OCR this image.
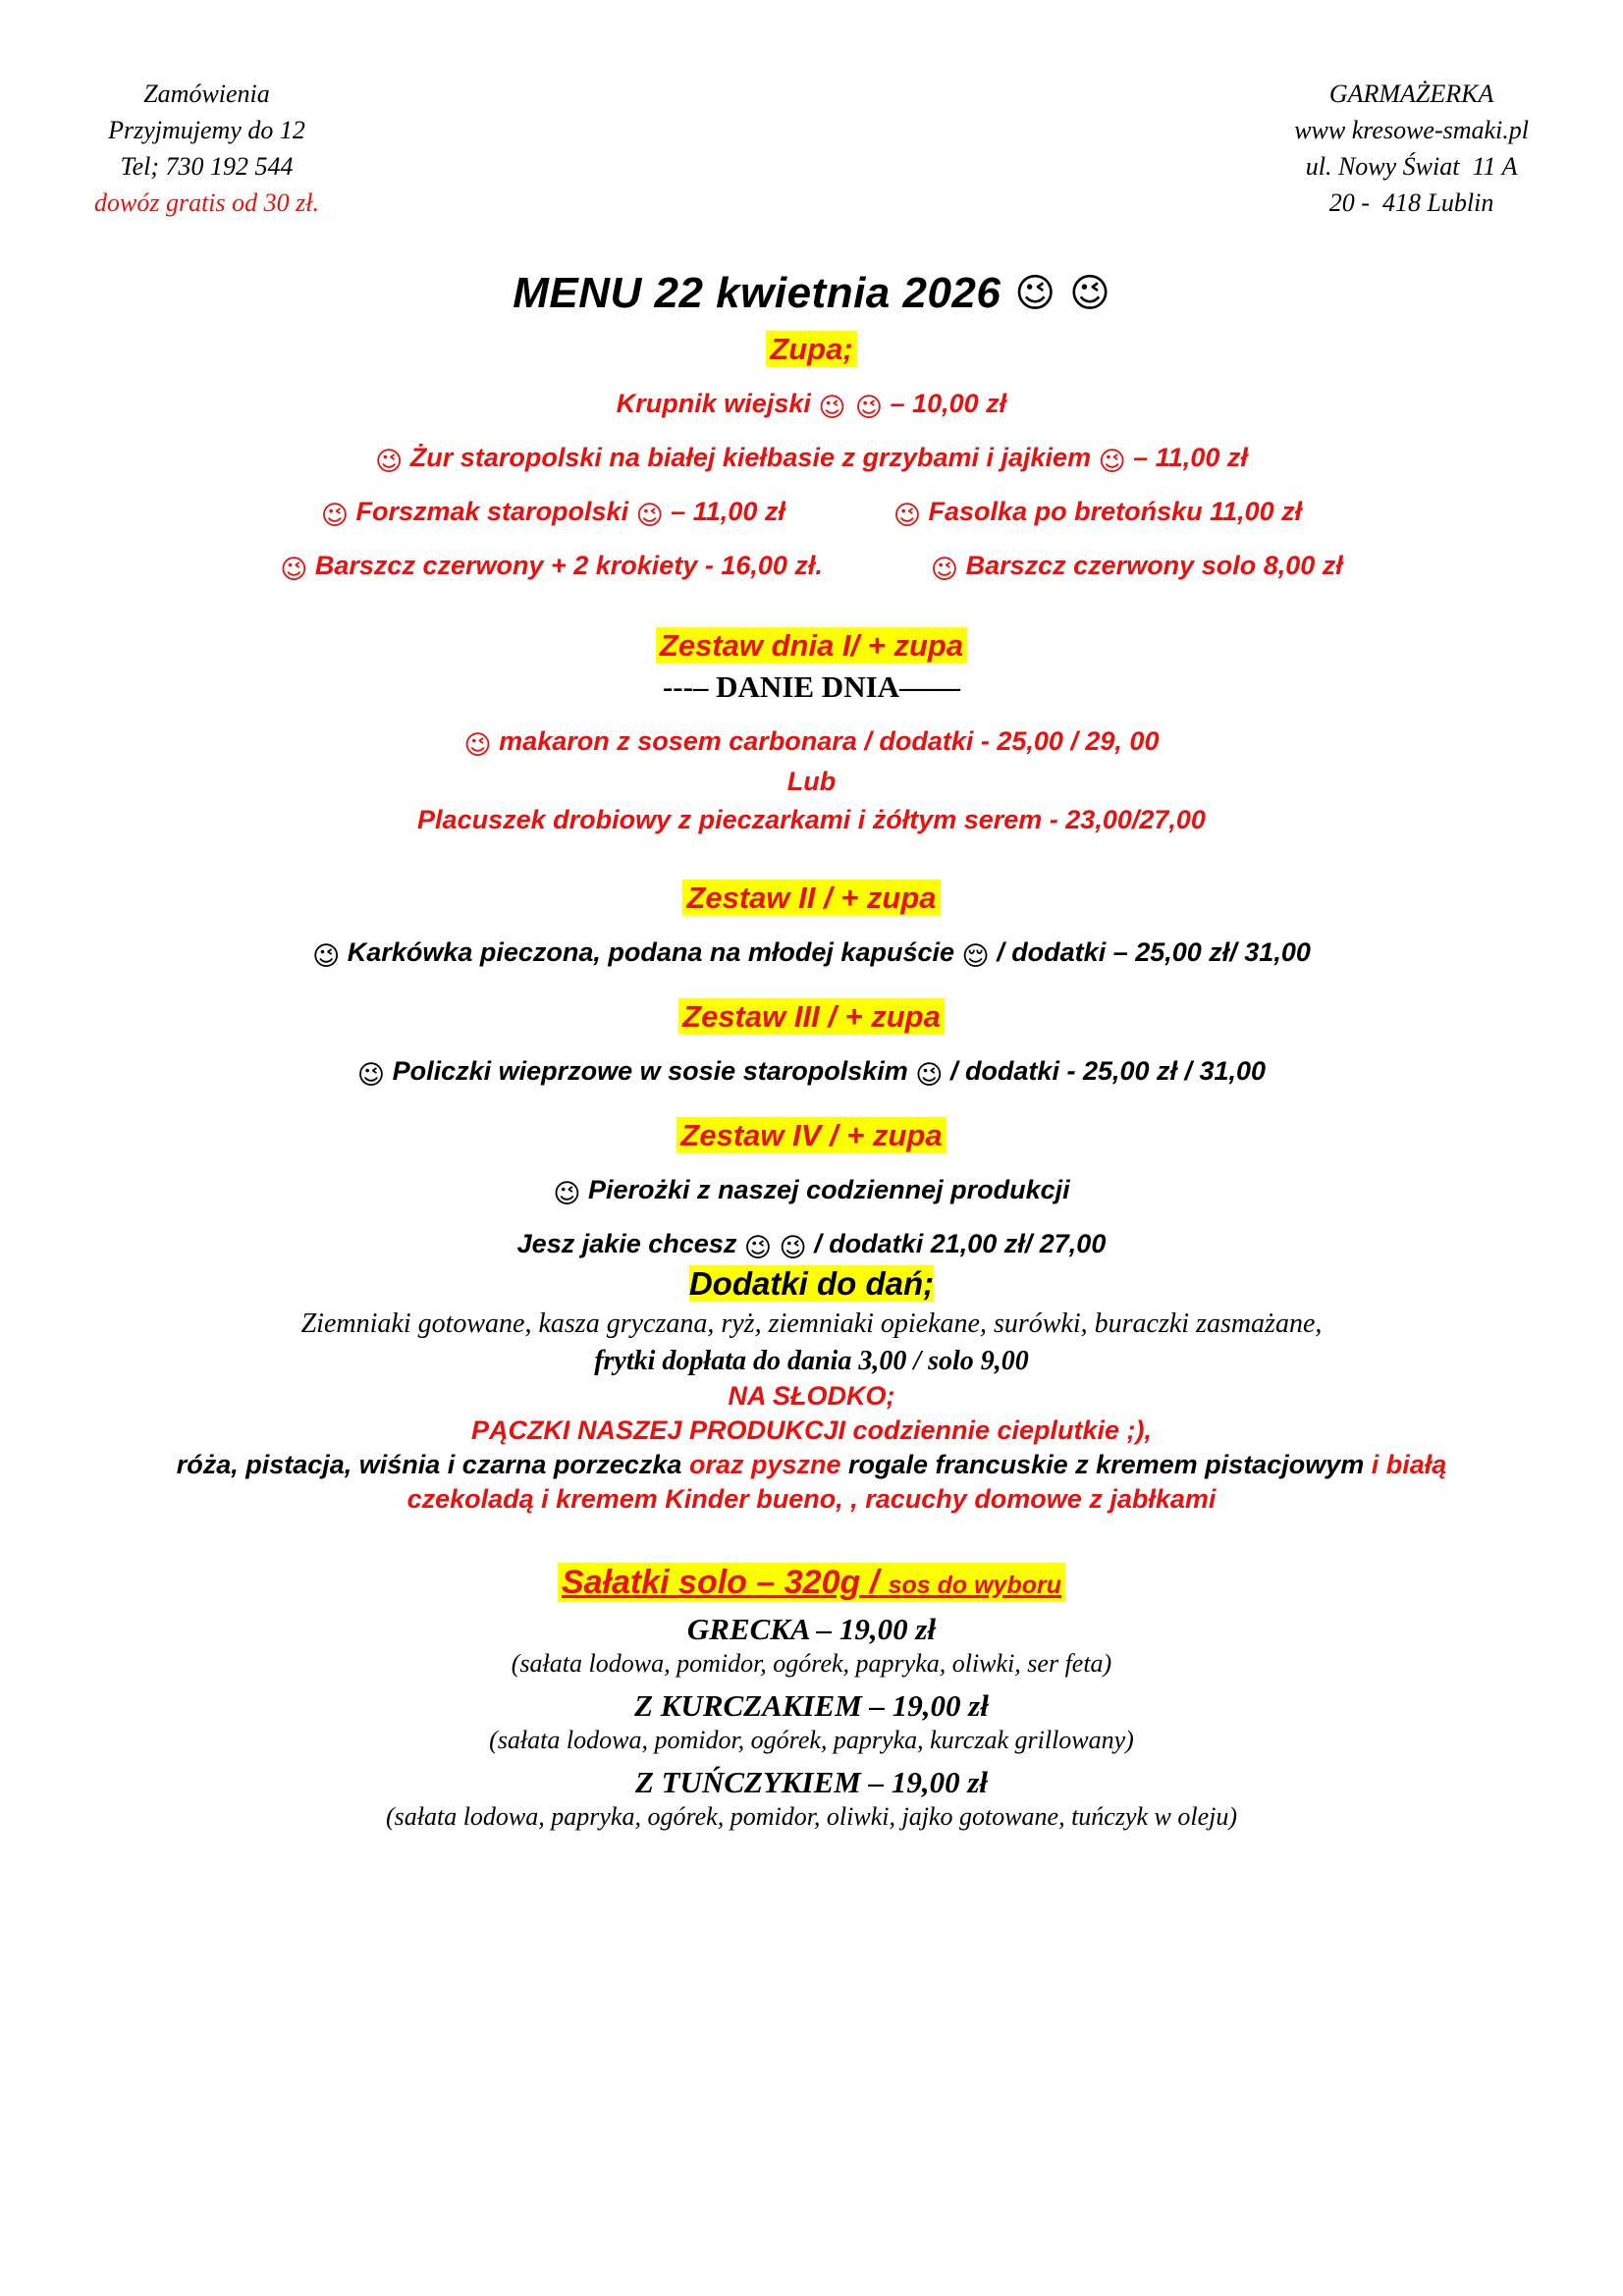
Zamówienia
Przyjmujemy do 12
Tel; 730 192 544
dowóz gratis od 30 zł.
GARMAŻERKA
www kresowe-smaki.pl
ul. Nowy Świat  11 A
20 -  418 Lublin
MENU 22 kwietnia 2026 😉 😉
Zupa;
Krupnik wiejski 😉 😉 – 10,00 zł
😉 Żur staropolski na białej kiełbasie z grzybami i jajkiem 😉 – 11,00 zł
😉 Forszmak staropolski 😉 – 11,00 zł	😉 Fasolka po bretońsku 11,00 zł
😉 Barszcz czerwony + 2 krokiety - 16,00 zł.	😉 Barszcz czerwony solo 8,00 zł
Zestaw dnia I/ + zupa
---– DANIE DNIA——
😉 makaron z sosem carbonara / dodatki - 25,00 / 29, 00
Lub
Placuszek drobiowy z pieczarkami i żółtym serem - 23,00/27,00
Zestaw II / + zupa
😉 Karkówka pieczona, podana na młodej kapuście 😌 / dodatki – 25,00 zł/ 31,00
Zestaw III / + zupa
😉 Policzki wieprzowe w sosie staropolskim 😉 / dodatki - 25,00 zł / 31,00
Zestaw IV / + zupa
😉 Pierożki z naszej codziennej produkcji
Jesz jakie chcesz 😉 😉 / dodatki 21,00 zł/ 27,00
Dodatki do dań;
Ziemniaki gotowane, kasza gryczana, ryż, ziemniaki opiekane, surówki, buraczki zasmażane,
frytki dopłata do dania 3,00 / solo 9,00
NA SŁODKO;
PĄCZKI NASZEJ PRODUKCJI codziennie cieplutkie ;),
róża, pistacja, wiśnia i czarna porzeczka oraz pyszne rogale francuskie z kremem pistacjowym i białą
czekoladą i kremem Kinder bueno, , racuchy domowe z jabłkami
Sałatki solo – 320g / sos do wyboru
GRECKA – 19,00 zł
(sałata lodowa, pomidor, ogórek, papryka, oliwki, ser feta)
Z KURCZAKIEM – 19,00 zł
(sałata lodowa, pomidor, ogórek, papryka, kurczak grillowany)
Z TUŃCZYKIEM – 19,00 zł
(sałata lodowa, papryka, ogórek, pomidor, oliwki, jajko gotowane, tuńczyk w oleju)
